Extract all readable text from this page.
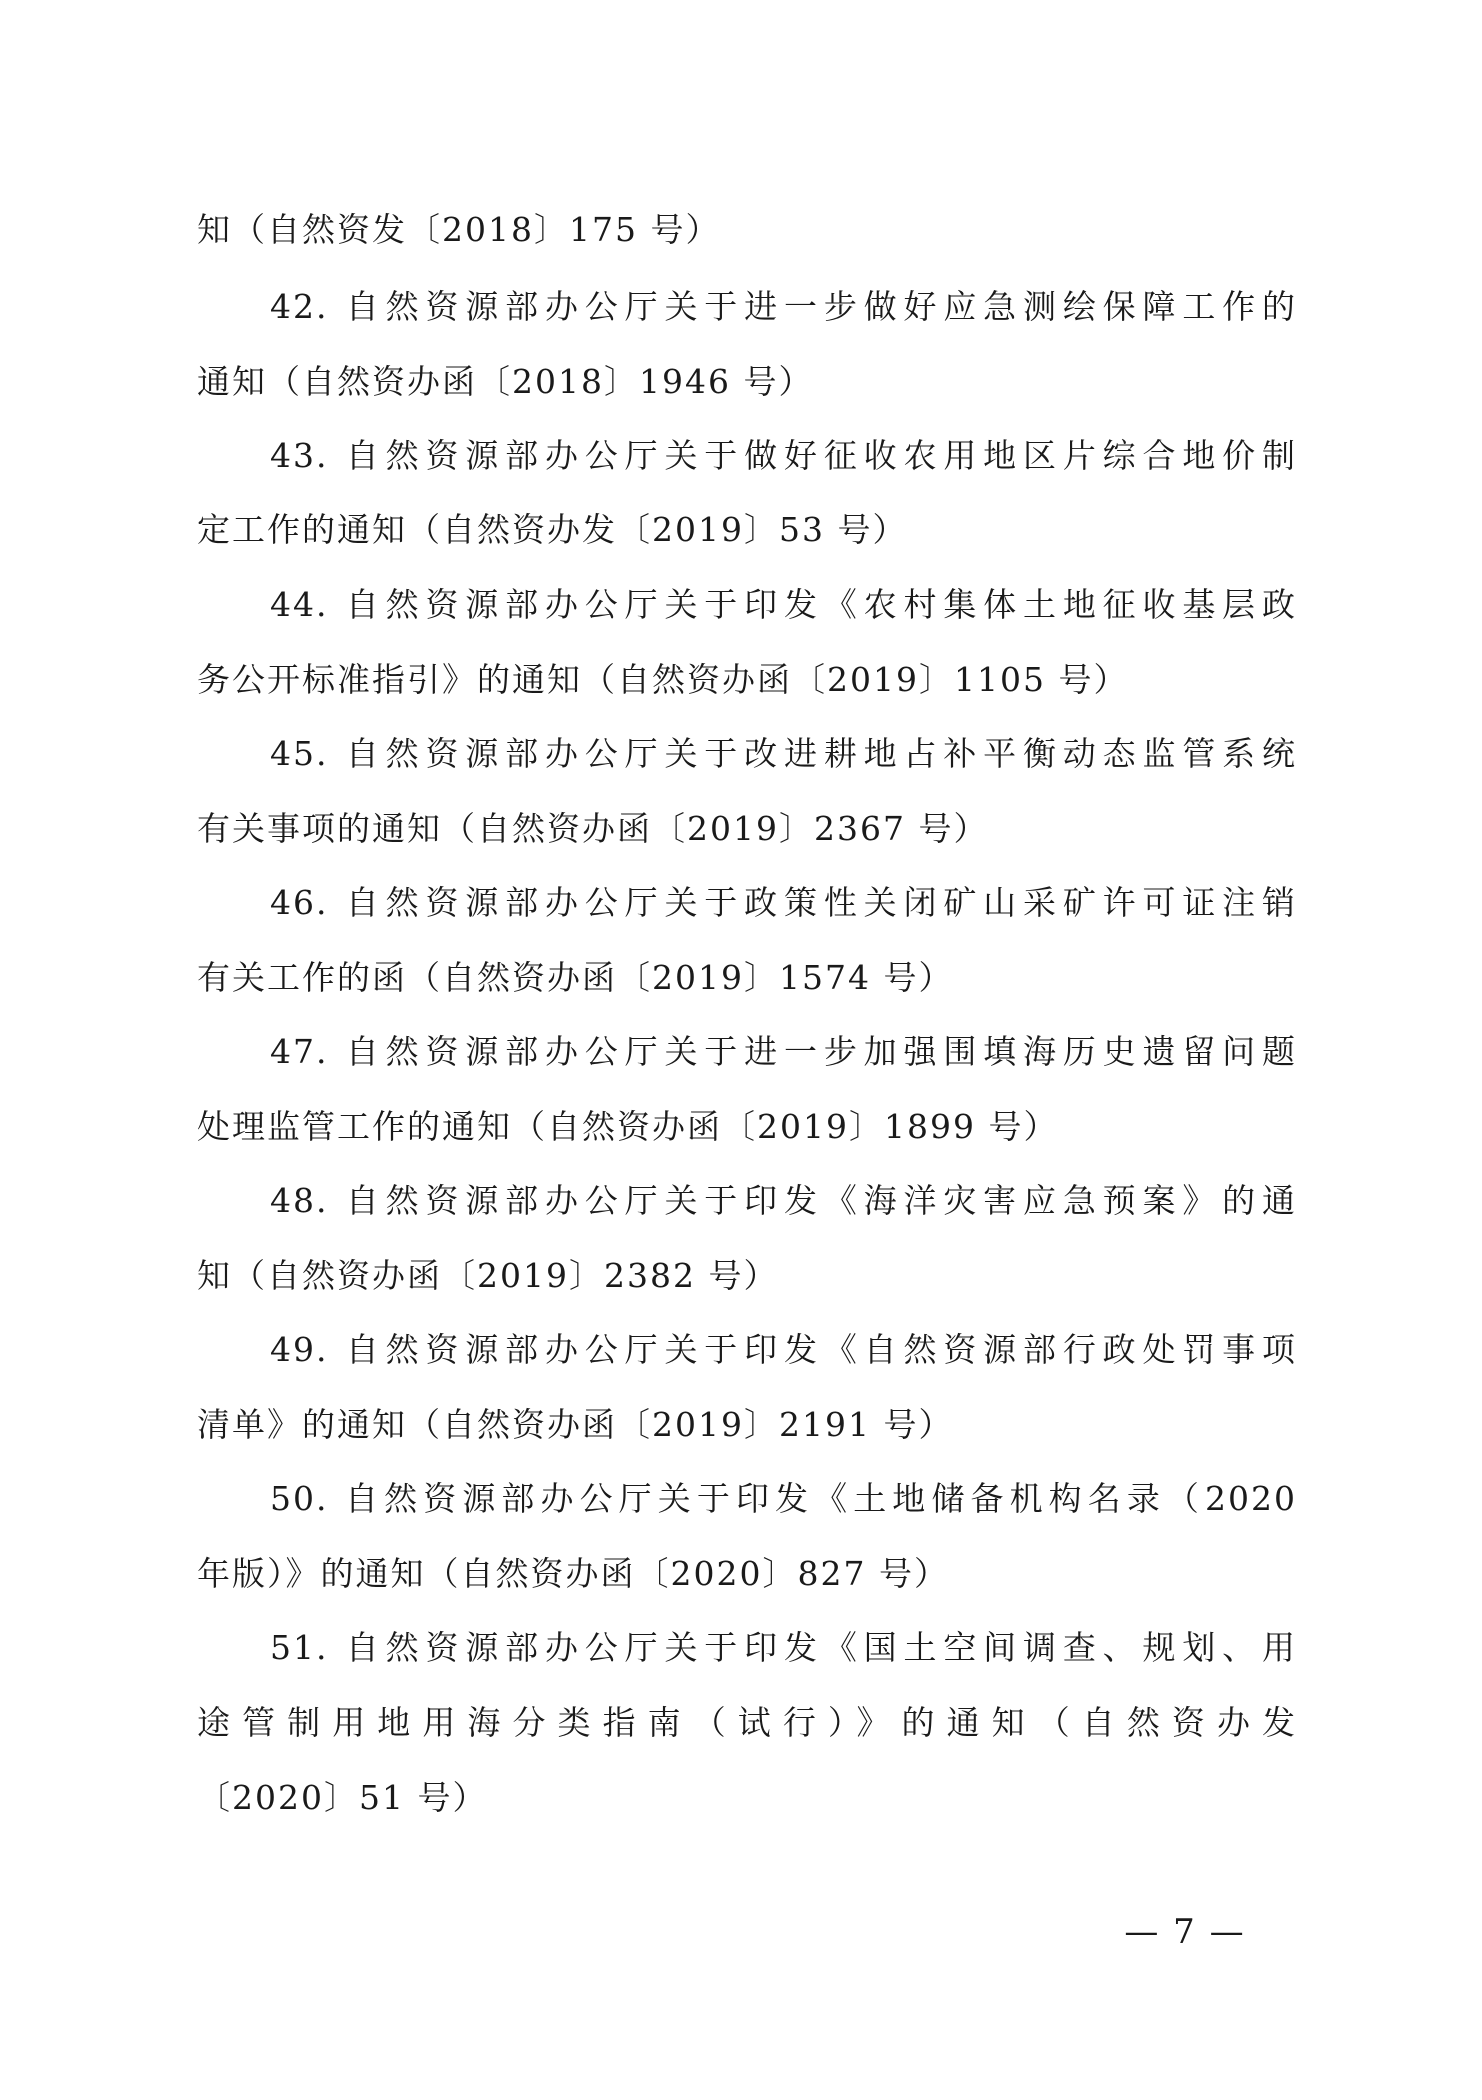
知（自然资发〔2018〕175 号）
42. 自然资源部办公厅关于进一步做好应急测绘保障工作的
通知（自然资办函〔2018〕1946 号）
43. 自然资源部办公厅关于做好征收农用地区片综合地价制
定工作的通知（自然资办发〔2019〕53 号）
44. 自然资源部办公厅关于印发《农村集体土地征收基层政
务公开标准指引》的通知（自然资办函〔2019〕1105 号）
45. 自然资源部办公厅关于改进耕地占补平衡动态监管系统
有关事项的通知（自然资办函〔2019〕2367 号）
46. 自然资源部办公厅关于政策性关闭矿山采矿许可证注销
有关工作的函（自然资办函〔2019〕1574 号）
47. 自然资源部办公厅关于进一步加强围填海历史遗留问题
处理监管工作的通知（自然资办函〔2019〕1899 号）
48. 自然资源部办公厅关于印发《海洋灾害应急预案》的通
知（自然资办函〔2019〕2382 号）
49. 自然资源部办公厅关于印发《自然资源部行政处罚事项
清单》的通知（自然资办函〔2019〕2191 号）
50. 自然资源部办公厅关于印发《土地储备机构名录（2020
年版）》的通知（自然资办函〔2020〕827 号）
51. 自然资源部办公厅关于印发《国土空间调查、规划、用
途管制用地用海分类指南（试行）》的通知（自然资办发
〔2020〕51 号）
— 7 —
